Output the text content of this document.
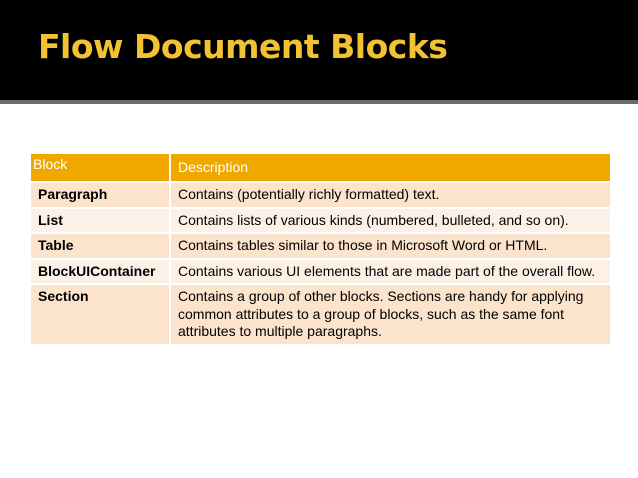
Flow Document Blocks
Block	Description
Paragraph	Contains (potentially richly formatted) text.
List	Contains lists of various kinds (numbered, bulleted, and so on).
Table	Contains tables similar to those in Microsoft Word or HTML.
BlockUIContainer	Contains various UI elements that are made part of the overall flow.
Section	Contains a group of other blocks. Sections are handy for applying common attributes to a group of blocks, such as the same font attributes to multiple paragraphs.
